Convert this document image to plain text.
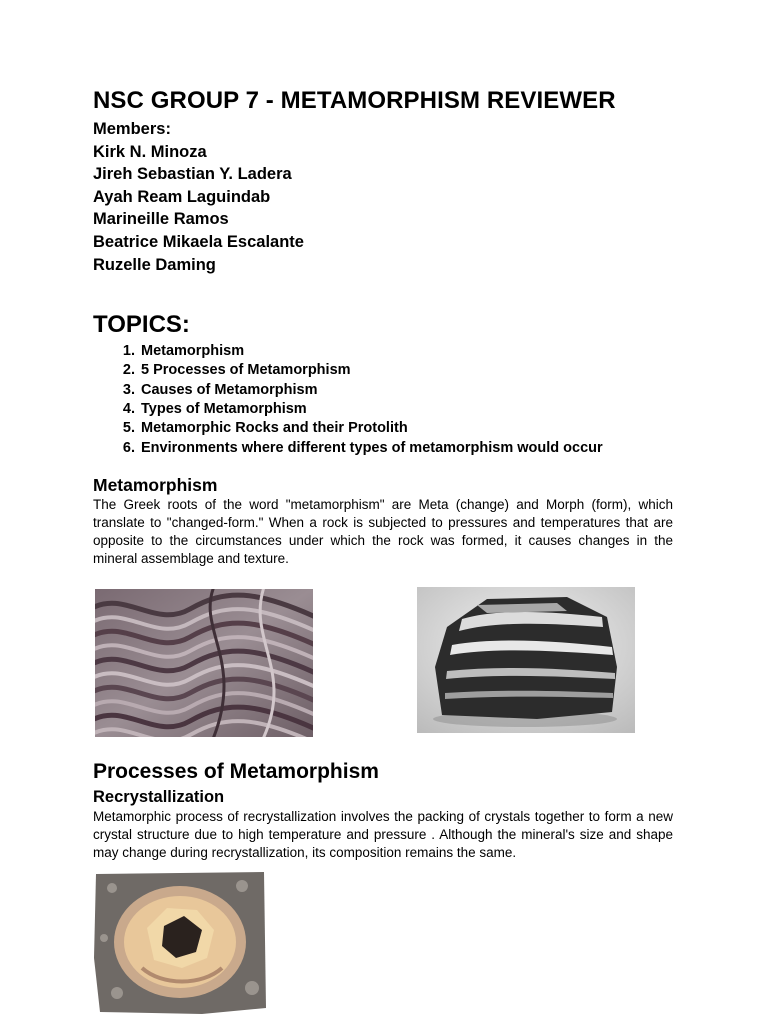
NSC GROUP 7 - METAMORPHISM REVIEWER
Members:
Kirk N. Minoza
Jireh Sebastian Y. Ladera
Ayah Ream Laguindab
Marineille Ramos
Beatrice Mikaela Escalante
Ruzelle Daming
TOPICS:
1. Metamorphism
2. 5 Processes of Metamorphism
3. Causes of Metamorphism
4. Types of Metamorphism
5. Metamorphic Rocks and their Protolith
6. Environments where different types of metamorphism would occur
Metamorphism

The Greek roots of the word "metamorphism" are Meta (change) and Morph (form), which translate to "changed-form." When a rock is subjected to pressures and temperatures that are opposite to the circumstances under which the rock was formed, it causes changes in the mineral assemblage and texture.

Processes of Metamorphism
Recrystallization

Metamorphic process of recrystallization involves the packing of crystals together to form a new crystal structure due to high temperature and pressure . Although the mineral's size and shape may change during recrystallization, its composition remains the same.
